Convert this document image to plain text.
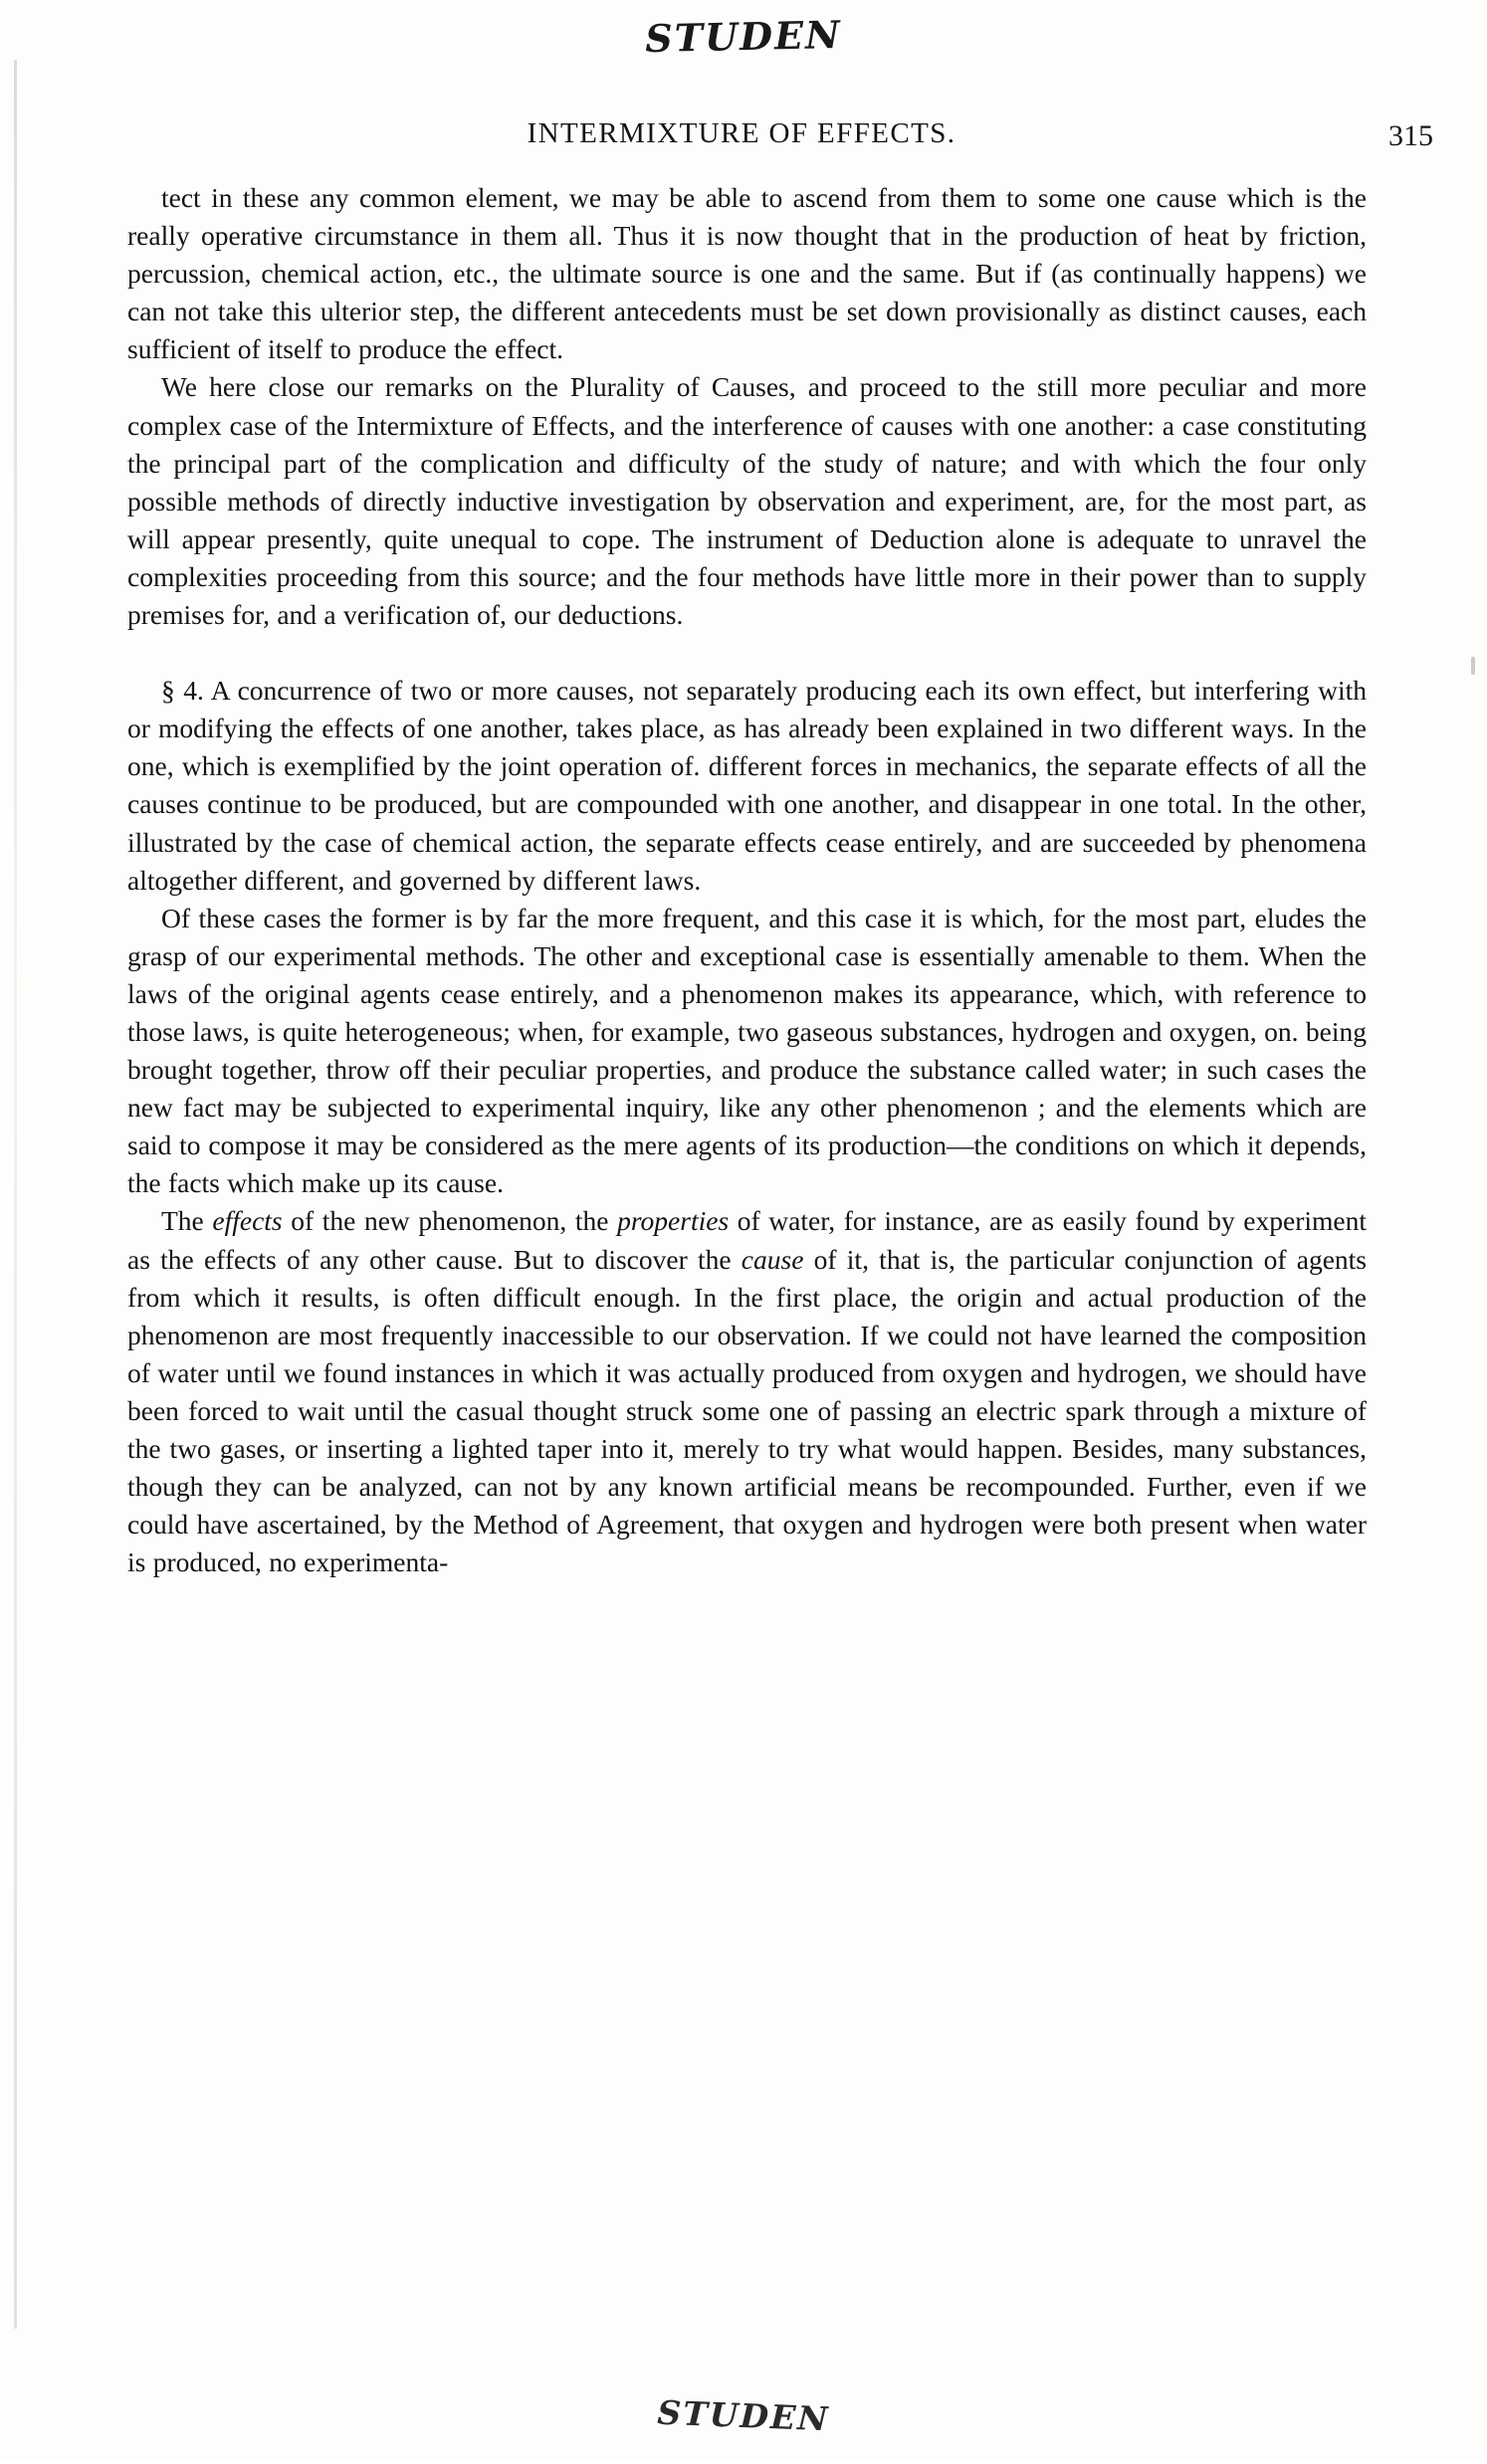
STUDEN
INTERMIXTURE OF EFFECTS.	315

tect in these any common element, we may be able to ascend from them to some one cause which is the really operative circumstance in them all. Thus it is now thought that in the production of heat by friction, percussion, chemical action, etc., the ultimate source is one and the same. But if (as continually happens) we can not take this ulterior step, the different antecedents must be set down provisionally as distinct causes, each sufficient of itself to produce the effect.

We here close our remarks on the Plurality of Causes, and proceed to the still more peculiar and more complex case of the Intermixture of Effects, and the interference of causes with one another: a case constituting the principal part of the complication and difficulty of the study of nature; and with which the four only possible methods of directly inductive investigation by observation and experiment, are, for the most part, as will appear presently, quite unequal to cope. The instrument of Deduction alone is adequate to unravel the complexities proceeding from this source; and the four methods have little more in their power than to supply premises for, and a verification of, our deductions.

§ 4. A concurrence of two or more causes, not separately producing each its own effect, but interfering with or modifying the effects of one another, takes place, as has already been explained in two different ways. In the one, which is exemplified by the joint operation of. different forces in mechanics, the separate effects of all the causes continue to be produced, but are compounded with one another, and disappear in one total. In the other, illustrated by the case of chemical action, the separate effects cease entirely, and are succeeded by phenomena altogether different, and governed by different laws.

Of these cases the former is by far the more frequent, and this case it is which, for the most part, eludes the grasp of our experimental methods. The other and exceptional case is essentially amenable to them. When the laws of the original agents cease entirely, and a phenomenon makes its appearance, which, with reference to those laws, is quite heterogeneous; when, for example, two gaseous substances, hydrogen and oxygen, on. being brought together, throw off their peculiar properties, and produce the substance called water; in such cases the new fact may be subjected to experimental inquiry, like any other phenomenon ; and the elements which are said to compose it may be considered as the mere agents of its production—the conditions on which it depends, the facts which make up its cause.

The effects of the new phenomenon, the properties of water, for instance, are as easily found by experiment as the effects of any other cause. But to discover the cause of it, that is, the particular conjunction of agents from which it results, is often difficult enough. In the first place, the origin and actual production of the phenomenon are most frequently inaccessible to our observation. If we could not have learned the composition of water until we found instances in which it was actually produced from oxygen and hydrogen, we should have been forced to wait until the casual thought struck some one of passing an electric spark through a mixture of the two gases, or inserting a lighted taper into it, merely to try what would happen. Besides, many substances, though they can be analyzed, can not by any known artificial means be recompounded. Further, even if we could have ascertained, by the Method of Agreement, that oxygen and hydrogen were both present when water is produced, no experimenta-

STUDEN
